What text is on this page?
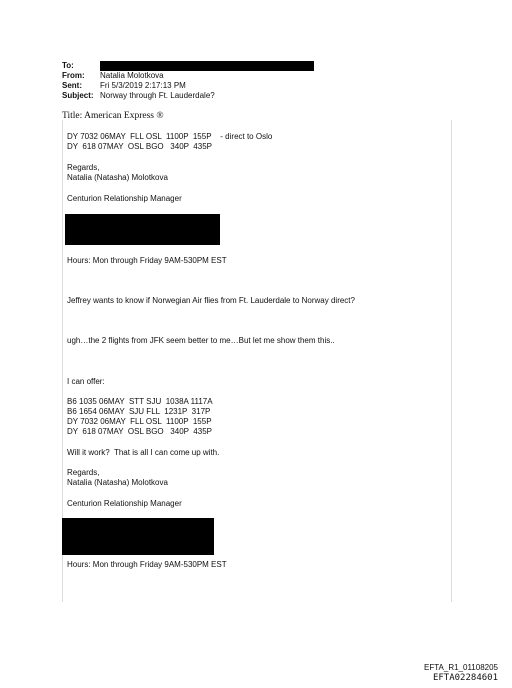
To:
From:	Natalia Molotkova
Sent:	Fri 5/3/2019 2:17:13 PM
Subject: Norway through Ft. Lauderdale?
Title: American Express ®
DY 7032 06MAY  FLL OSL  1100P  155P    - direct to Oslo
DY  618 07MAY  OSL BGO   340P  435P
Regards,
Natalia (Natasha) Molotkova
Centurion Relationship Manager
Hours: Mon through Friday 9AM-530PM EST
Jeffrey wants to know if Norwegian Air flies from Ft. Lauderdale to Norway direct?
ugh…the 2 flights from JFK seem better to me…But let me show them this..
I can offer:
B6 1035 06MAY  STT SJU  1038A 1117A
B6 1654 06MAY  SJU FLL  1231P  317P
DY 7032 06MAY  FLL OSL  1100P  155P
DY  618 07MAY  OSL BGO   340P  435P
Will it work?  That is all I can come up with.
Regards,
Natalia (Natasha) Molotkova
Centurion Relationship Manager
Hours: Mon through Friday 9AM-530PM EST
EFTA_R1_01108205
EFTA02284601
